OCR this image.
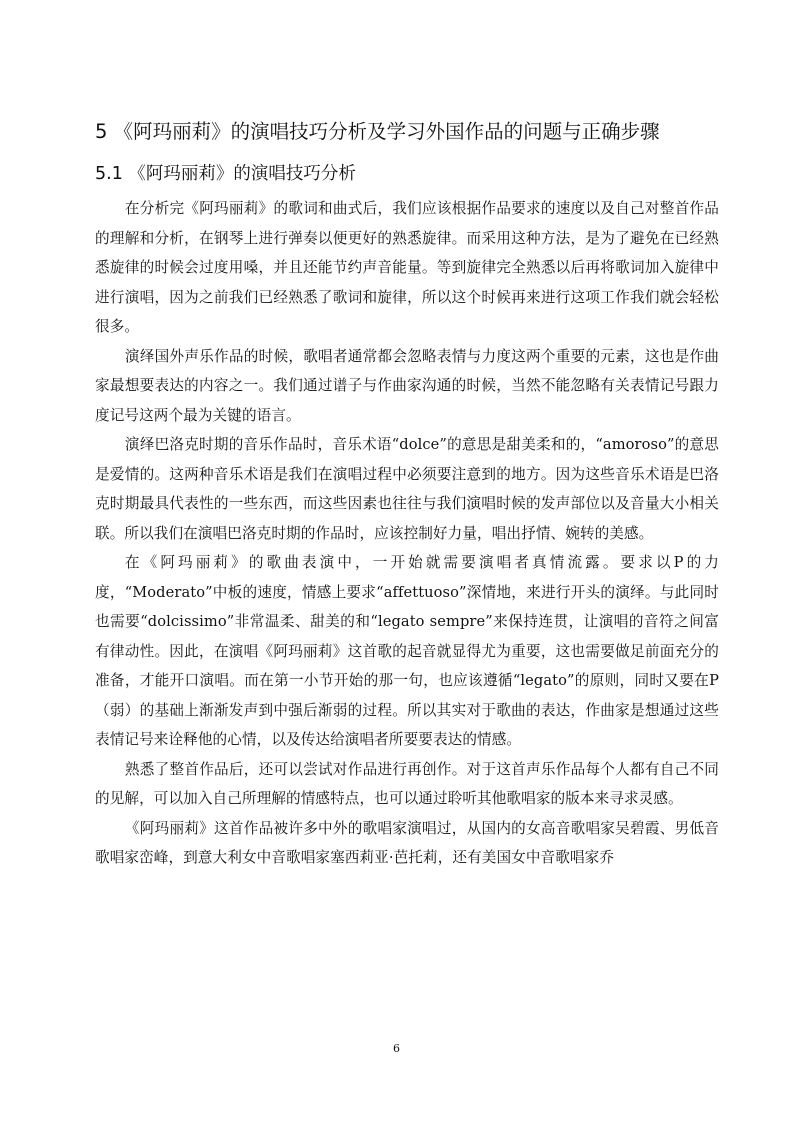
5 《阿玛丽莉》的演唱技巧分析及学习外国作品的问题与正确步骤
5.1 《阿玛丽莉》的演唱技巧分析

在分析完《阿玛丽莉》的歌词和曲式后，我们应该根据作品要求的速度以及自己对整首作品的理解和分析，在钢琴上进行弹奏以便更好的熟悉旋律。而采用这种方法，是为了避免在已经熟悉旋律的时候会过度用嗓，并且还能节约声音能量。等到旋律完全熟悉以后再将歌词加入旋律中进行演唱，因为之前我们已经熟悉了歌词和旋律，所以这个时候再来进行这项工作我们就会轻松很多。

演绎国外声乐作品的时候，歌唱者通常都会忽略表情与力度这两个重要的元素，这也是作曲家最想要表达的内容之一。我们通过谱子与作曲家沟通的时候，当然不能忽略有关表情记号跟力度记号这两个最为关键的语言。

演绎巴洛克时期的音乐作品时，音乐术语“dolce”的意思是甜美柔和的，“amoroso”的意思是爱情的。这两种音乐术语是我们在演唱过程中必须要注意到的地方。因为这些音乐术语是巴洛克时期最具代表性的一些东西，而这些因素也往往与我们演唱时候的发声部位以及音量大小相关联。所以我们在演唱巴洛克时期的作品时，应该控制好力量，唱出抒情、婉转的美感。

在《阿玛丽莉》的歌曲表演中，一开始就需要演唱者真情流露。要求以P的力度，“Moderato”中板的速度，情感上要求“affettuoso”深情地，来进行开头的演绎。与此同时也需要“dolcissimo”非常温柔、甜美的和“legato sempre”来保持连贯，让演唱的音符之间富有律动性。因此，在演唱《阿玛丽莉》这首歌的起音就显得尤为重要，这也需要做足前面充分的准备，才能开口演唱。而在第一小节开始的那一句，也应该遵循“legato”的原则，同时又要在P（弱）的基础上渐渐发声到中强后渐弱的过程。所以其实对于歌曲的表达，作曲家是想通过这些表情记号来诠释他的心情，以及传达给演唱者所要要表达的情感。

熟悉了整首作品后，还可以尝试对作品进行再创作。对于这首声乐作品每个人都有自己不同的见解，可以加入自己所理解的情感特点，也可以通过聆听其他歌唱家的版本来寻求灵感。

《阿玛丽莉》这首作品被许多中外的歌唱家演唱过，从国内的女高音歌唱家吴碧霞、男低音歌唱家峦峰，到意大利女中音歌唱家塞西莉亚·芭托莉，还有美国女中音歌唱家乔

6
